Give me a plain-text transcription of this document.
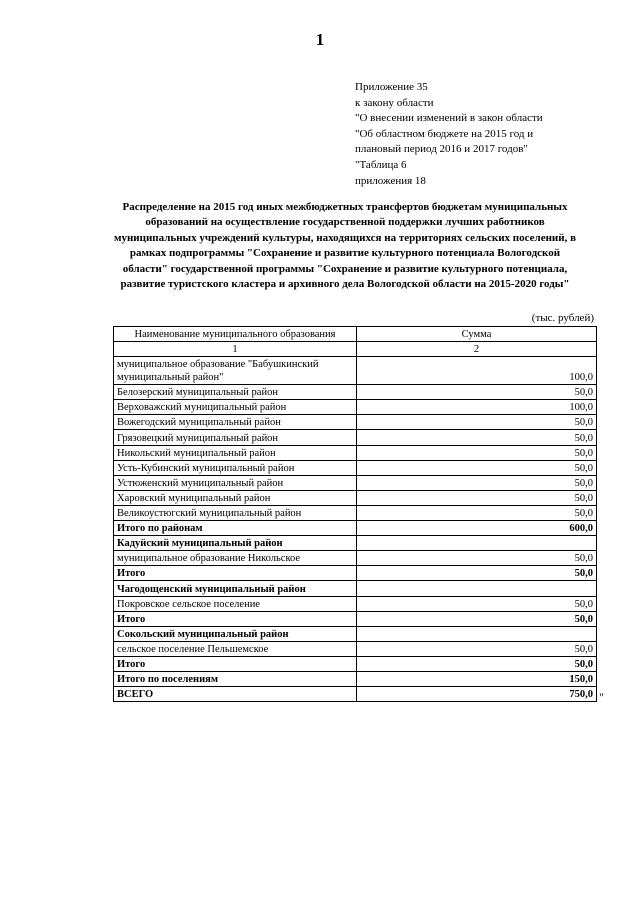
1
Приложение 35
к закону области
"О внесении изменений в закон области
"Об областном бюджете на 2015 год и
плановый период 2016 и 2017 годов"
"Таблица 6
приложения 18
Распределение на 2015 год иных межбюджетных трансфертов бюджетам муниципальных образований на осуществление государственной поддержки лучших работников муниципальных учреждений культуры, находящихся на территориях сельских поселений, в рамках подпрограммы "Сохранение и развитие культурного потенциала Вологодской области" государственной программы "Сохранение и развитие культурного потенциала, развитие туристского кластера и архивного дела Вологодской области на 2015-2020 годы"
(тыс. рублей)
Наименование муниципального образования	Сумма
1	2
муниципальное образование "Бабушкинский муниципальный район"	100,0
Белозерский муниципальный район	50,0
Верховажский муниципальный район	100,0
Вожегодский муниципальный район	50,0
Грязовецкий муниципальный район	50,0
Никольский муниципальный район	50,0
Усть-Кубинский муниципальный район	50,0
Устюженский муниципальный район	50,0
Харовский муниципальный район	50,0
Великоустюгский муниципальный район	50,0
Итого по районам	600,0
Кадуйский муниципальный район	
муниципальное образование Никольское	50,0
Итого	50,0
Чагодощенский муниципальный район	
Покровское сельское поселение	50,0
Итого	50,0
Сокольский муниципальный район	
сельское поселение Пельшемское	50,0
Итого	50,0
Итого по поселениям	150,0
ВСЕГО	750,0 "
